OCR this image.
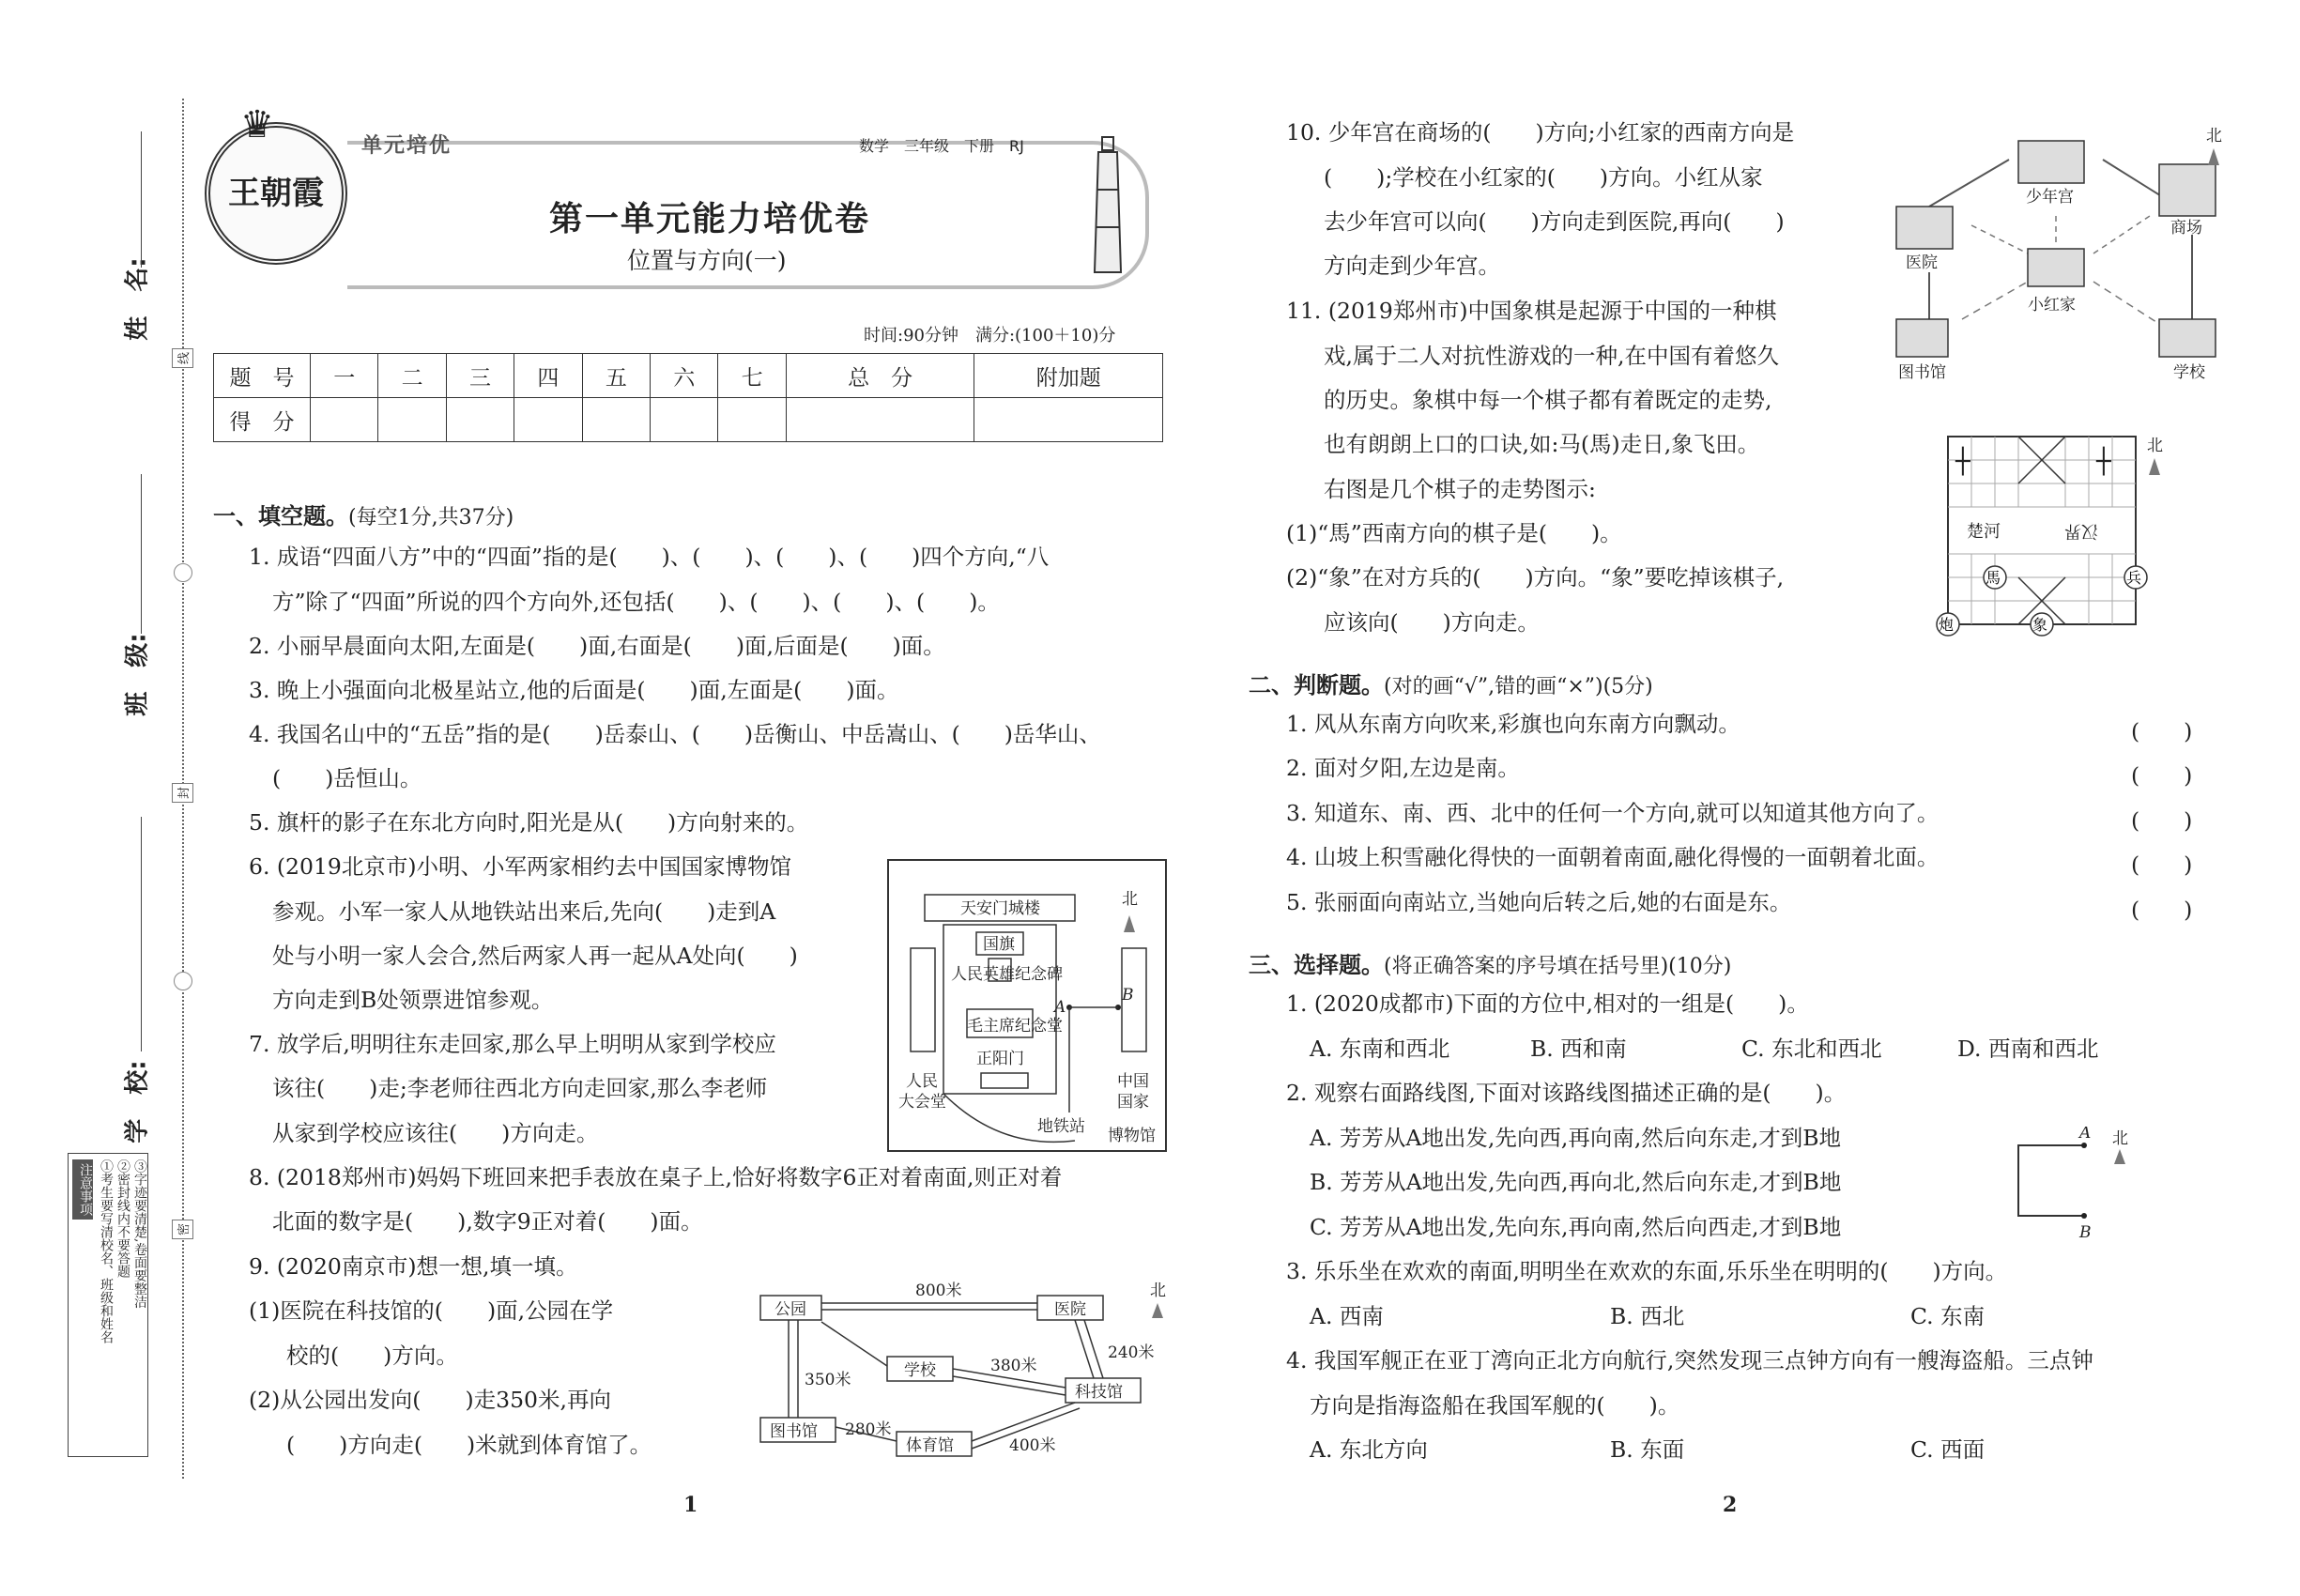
线
封
密
姓　名:
班　级:
学　校:
注意事项 ①考生要写清校名、班级和姓名 ②密封线内不要答题 ③字迹要清楚,卷面要整洁
♛
王朝霞
单元培优	数学　三年级　下册　RJ
第一单元能力培优卷
位置与方向(一)
时间:90分钟　满分:(100＋10)分
题　号	一	二	三	四	五	六	七	总　分	附加题
得　分									
一、填空题。(每空1分,共37分)
1. 成语“四面八方”中的“四面”指的是(　　)、(　　)、(　　)、(　　)四个方向,“八
方”除了“四面”所说的四个方向外,还包括(　　)、(　　)、(　　)、(　　)。
2. 小丽早晨面向太阳,左面是(　　)面,右面是(　　)面,后面是(　　)面。
3. 晚上小强面向北极星站立,他的后面是(　　)面,左面是(　　)面。
4. 我国名山中的“五岳”指的是(　　)岳泰山、(　　)岳衡山、中岳嵩山、(　　)岳华山、
(　　)岳恒山。
5. 旗杆的影子在东北方向时,阳光是从(　　)方向射来的。
6. (2019北京市)小明、小军两家相约去中国国家博物馆
参观。小军一家人从地铁站出来后,先向(　　)走到A
处与小明一家人会合,然后两家人再一起从A处向(　　)
方向走到B处领票进馆参观。
7. 放学后,明明往东走回家,那么早上明明从家到学校应
该往(　　)走;李老师往西北方向走回家,那么李老师
从家到学校应该往(　　)方向走。
8. (2018郑州市)妈妈下班回来把手表放在桌子上,恰好将数字6正对着南面,则正对着
北面的数字是(　　),数字9正对着(　　)面。
9. (2020南京市)想一想,填一填。
(1)医院在科技馆的(　　)面,公园在学
校的(　　)方向。
(2)从公园出发向(　　)走350米,再向
(　　)方向走(　　)米就到体育馆了。
天安门城楼
国旗
人民英雄纪念碑
毛主席纪念堂
正阳门
人民
大会堂
中国
国家
博物馆
地铁站
A
B
北
公园	医院
学校
科技馆
图书馆
体育馆
800米
350米
380米
240米
280米
400米
北
1
10. 少年宫在商场的(　　)方向;小红家的西南方向是
(　　);学校在小红家的(　　)方向。小红从家
去少年宫可以向(　　)方向走到医院,再向(　　)
方向走到少年宫。
11. (2019郑州市)中国象棋是起源于中国的一种棋
戏,属于二人对抗性游戏的一种,在中国有着悠久
的历史。象棋中每一个棋子都有着既定的走势,
也有朗朗上口的口诀,如:马(馬)走日,象飞田。
右图是几个棋子的走势图示:
(1)“馬”西南方向的棋子是(　　)。
(2)“象”在对方兵的(　　)方向。“象”要吃掉该棋子,
应该向(　　)方向走。
少年宫
医院
商场
小红家
图书馆	学校
北
┼	┼
楚河	汉界
馬	兵
炮	象
北
二、判断题。(对的画“√”,错的画“×”)(5分)
1. 风从东南方向吹来,彩旗也向东南方向飘动。	(　　)
2. 面对夕阳,左边是南。	(　　)
3. 知道东、南、西、北中的任何一个方向,就可以知道其他方向了。	(　　)
4. 山坡上积雪融化得快的一面朝着南面,融化得慢的一面朝着北面。	(　　)
5. 张丽面向南站立,当她向后转之后,她的右面是东。	(　　)
三、选择题。(将正确答案的序号填在括号里)(10分)
1. (2020成都市)下面的方位中,相对的一组是(　　)。
A. 东南和西北	B. 西和南	C. 东北和西北	D. 西南和西北
2. 观察右面路线图,下面对该路线图描述正确的是(　　)。
A. 芳芳从A地出发,先向西,再向南,然后向东走,才到B地
B. 芳芳从A地出发,先向西,再向北,然后向东走,才到B地
C. 芳芳从A地出发,先向东,再向南,然后向西走,才到B地
3. 乐乐坐在欢欢的南面,明明坐在欢欢的东面,乐乐坐在明明的(　　)方向。
A. 西南	B. 西北	C. 东南
4. 我国军舰正在亚丁湾向正北方向航行,突然发现三点钟方向有一艘海盗船。三点钟
方向是指海盗船在我国军舰的(　　)。
A. 东北方向	B. 东面	C. 西面
A
B
北
2
